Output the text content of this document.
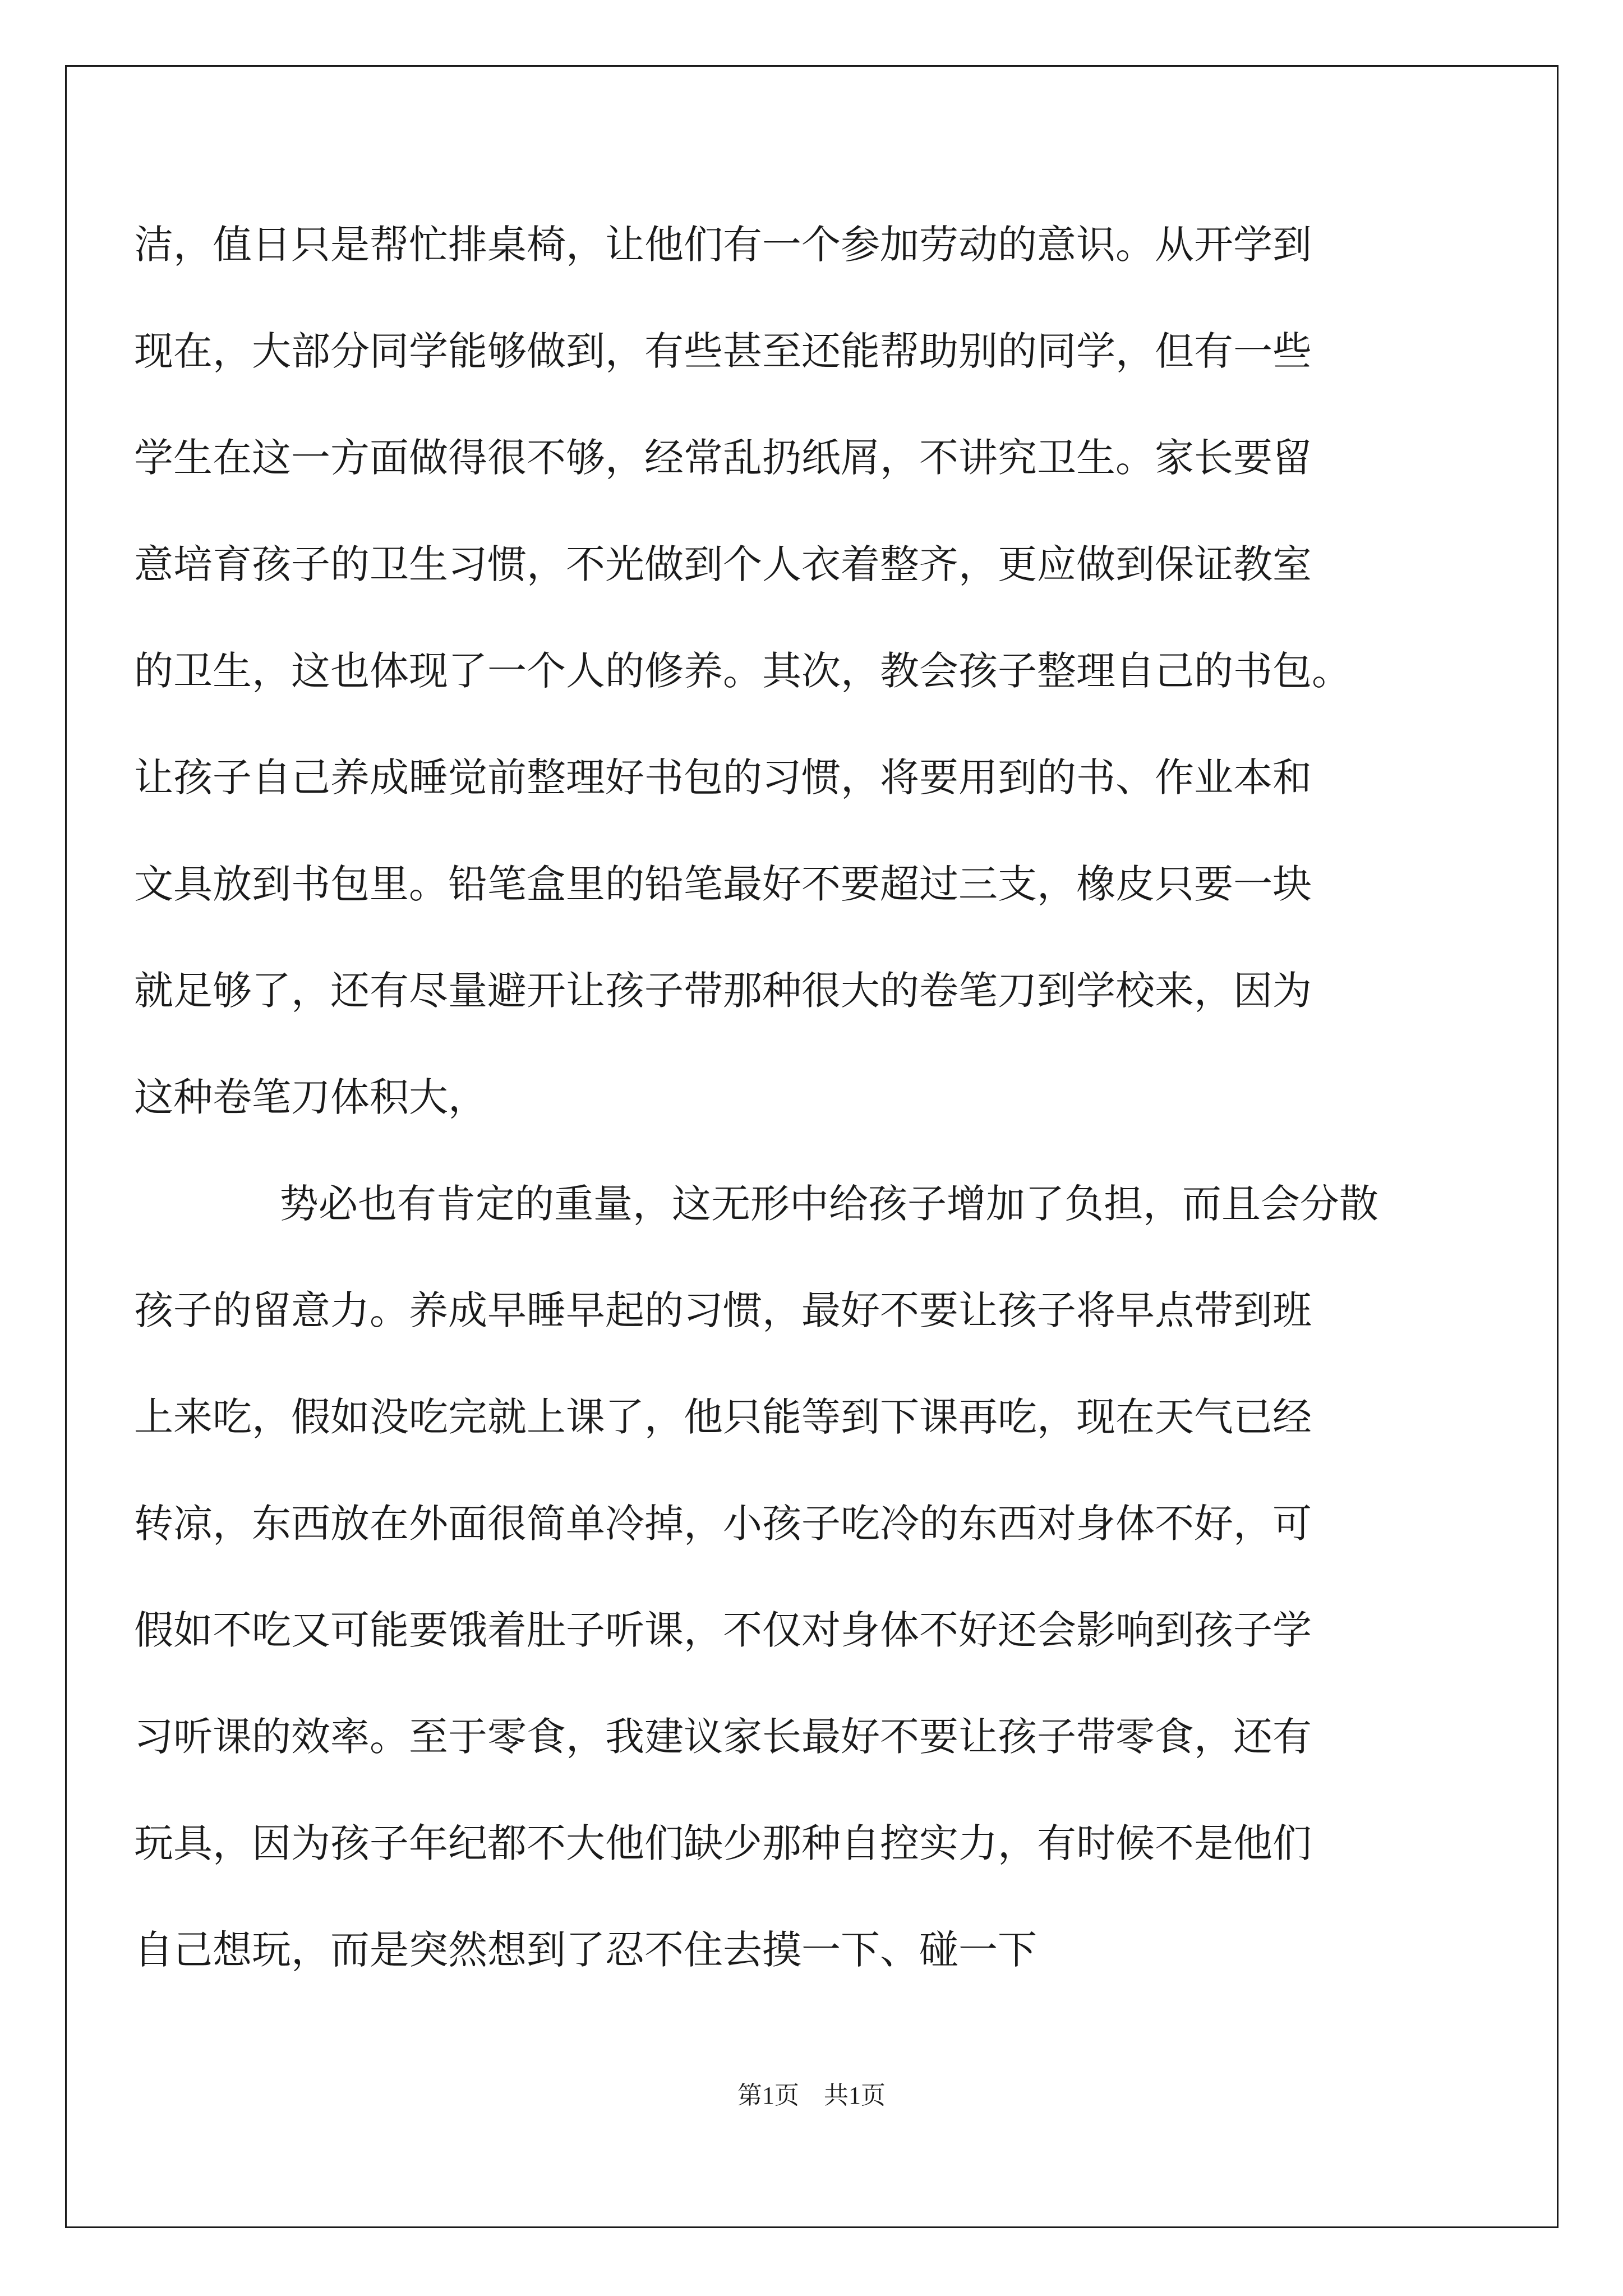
洁，值日只是帮忙排桌椅，让他们有一个参加劳动的意识。从开学到

现在，大部分同学能够做到，有些甚至还能帮助别的同学，但有一些

学生在这一方面做得很不够，经常乱扔纸屑，不讲究卫生。家长要留

意培育孩子的卫生习惯，不光做到个人衣着整齐，更应做到保证教室

的卫生，这也体现了一个人的修养。其次，教会孩子整理自己的书包。

让孩子自己养成睡觉前整理好书包的习惯，将要用到的书、作业本和

文具放到书包里。铅笔盒里的铅笔最好不要超过三支，橡皮只要一块

就足够了，还有尽量避开让孩子带那种很大的卷笔刀到学校来，因为

这种卷笔刀体积大，

势必也有肯定的重量，这无形中给孩子增加了负担，而且会分散

孩子的留意力。养成早睡早起的习惯，最好不要让孩子将早点带到班

上来吃，假如没吃完就上课了，他只能等到下课再吃，现在天气已经

转凉，东西放在外面很简单冷掉，小孩子吃冷的东西对身体不好，可

假如不吃又可能要饿着肚子听课，不仅对身体不好还会影响到孩子学

习听课的效率。至于零食，我建议家长最好不要让孩子带零食，还有

玩具，因为孩子年纪都不大他们缺少那种自控实力，有时候不是他们

自己想玩，而是突然想到了忍不住去摸一下、碰一下

第1页　共1页
